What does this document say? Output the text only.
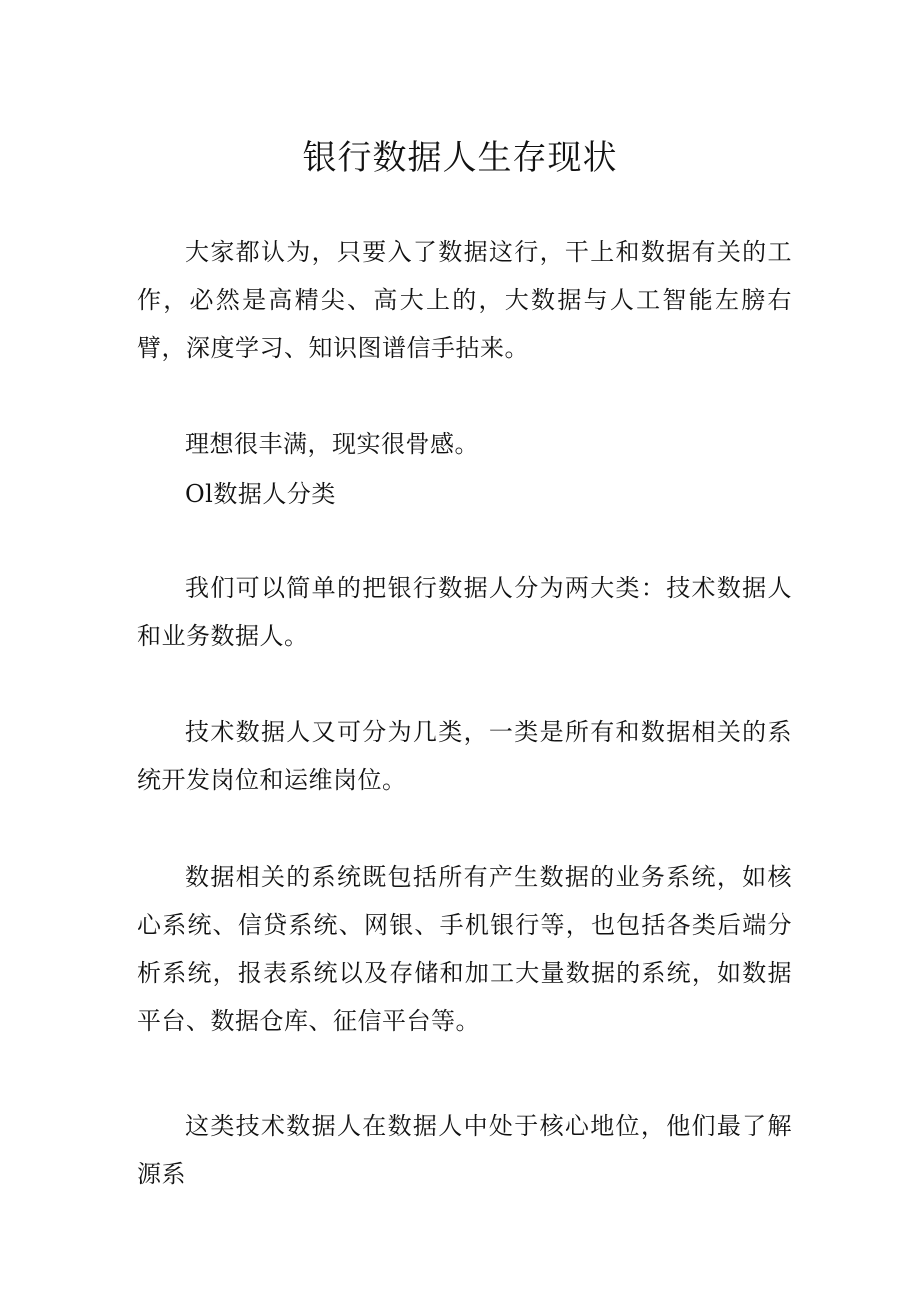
银行数据人生存现状

大家都认为，只要入了数据这行，干上和数据有关的工作，必然是高精尖、高大上的，大数据与人工智能左膀右臂，深度学习、知识图谱信手拈来。

理想很丰满，现实很骨感。

Ol数据人分类

我们可以简单的把银行数据人分为两大类：技术数据人和业务数据人。

技术数据人又可分为几类，一类是所有和数据相关的系统开发岗位和运维岗位。

数据相关的系统既包括所有产生数据的业务系统，如核心系统、信贷系统、网银、手机银行等，也包括各类后端分析系统，报表系统以及存储和加工大量数据的系统，如数据平台、数据仓库、征信平台等。

这类技术数据人在数据人中处于核心地位，他们最了解源系
